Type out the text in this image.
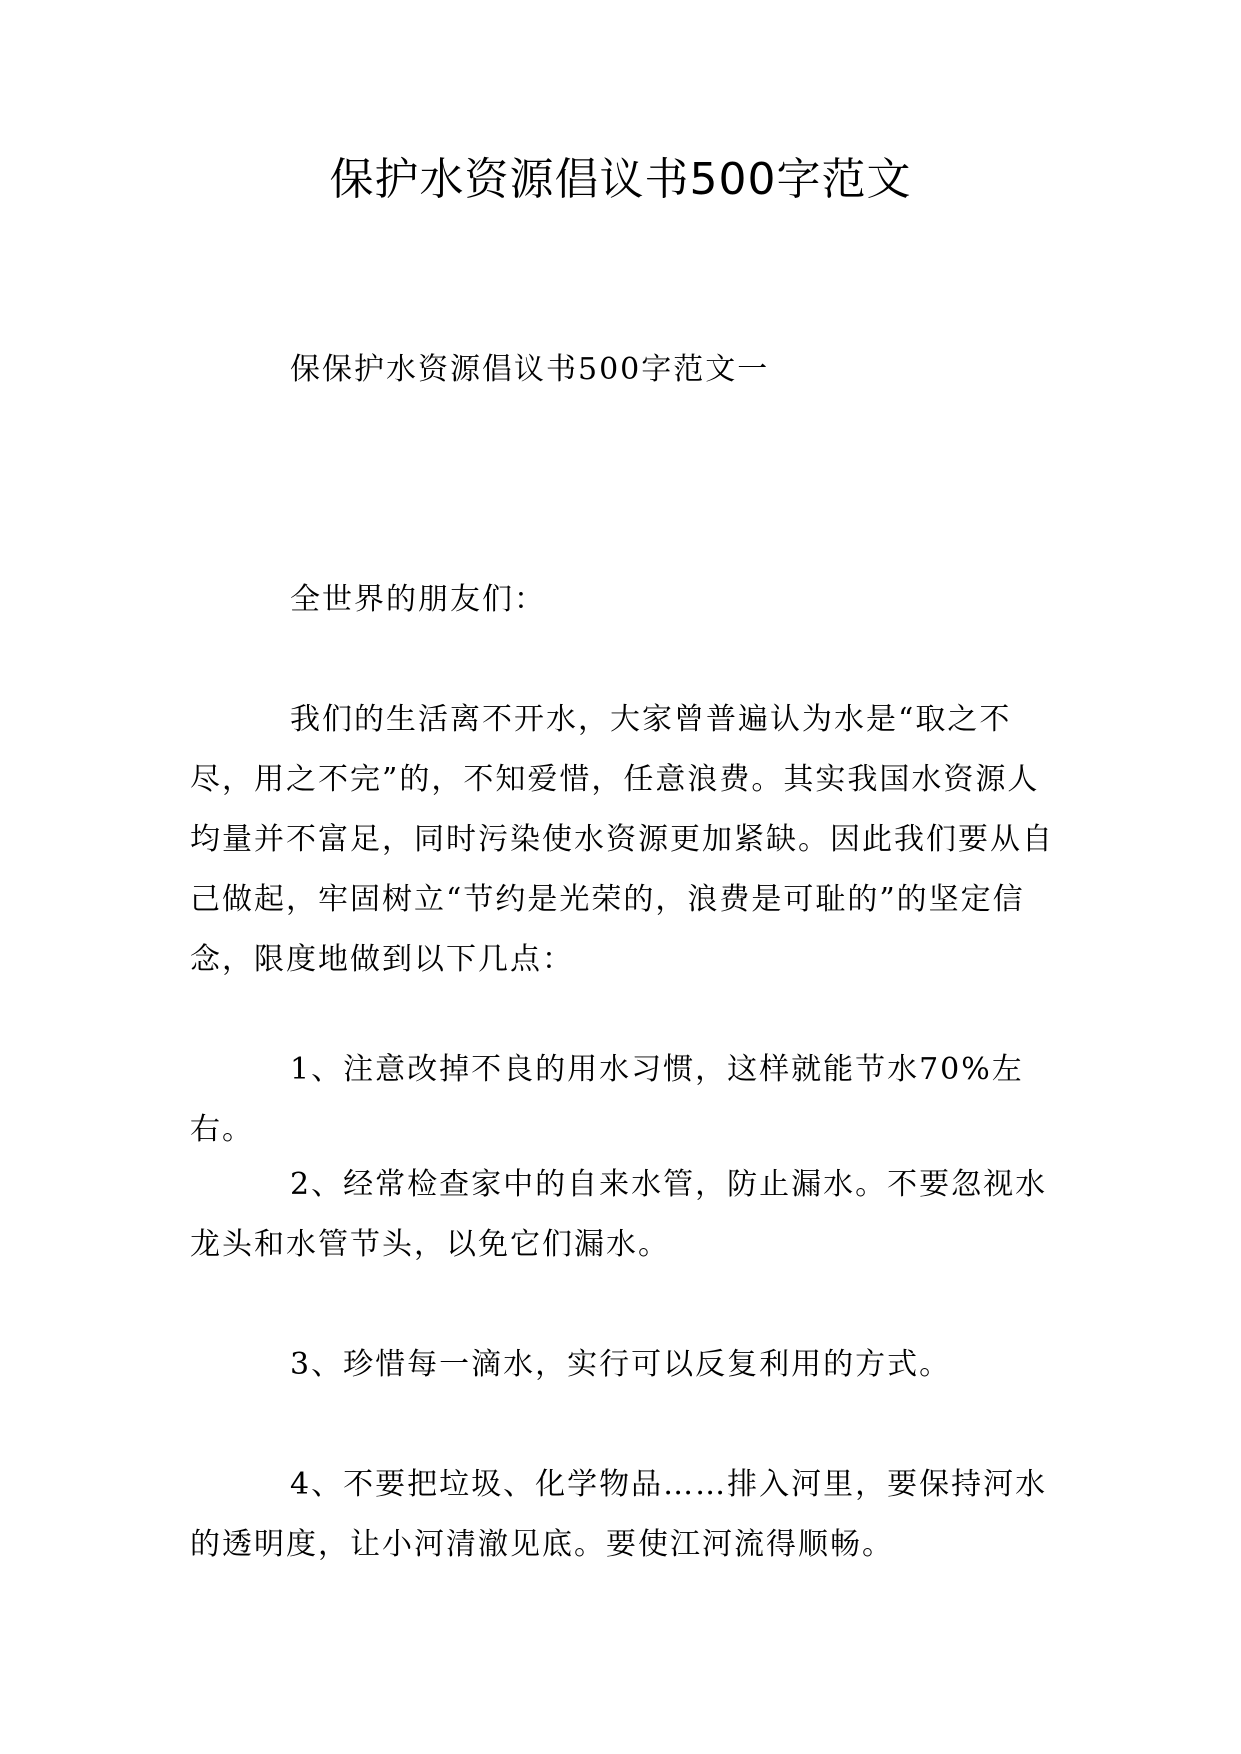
保护水资源倡议书500字范文

保保护水资源倡议书500字范文一

全世界的朋友们：

我们的生活离不开水，大家曾普遍认为水是“取之不尽，用之不完”的，不知爱惜，任意浪费。其实我国水资源人均量并不富足，同时污染使水资源更加紧缺。因此我们要从自己做起，牢固树立“节约是光荣的，浪费是可耻的”的坚定信念，限度地做到以下几点：

1、注意改掉不良的用水习惯，这样就能节水70%左右。

2、经常检查家中的自来水管，防止漏水。不要忽视水龙头和水管节头，以免它们漏水。

3、珍惜每一滴水，实行可以反复利用的方式。

4、不要把垃圾、化学物品……排入河里，要保持河水的透明度，让小河清澈见底。要使江河流得顺畅。
